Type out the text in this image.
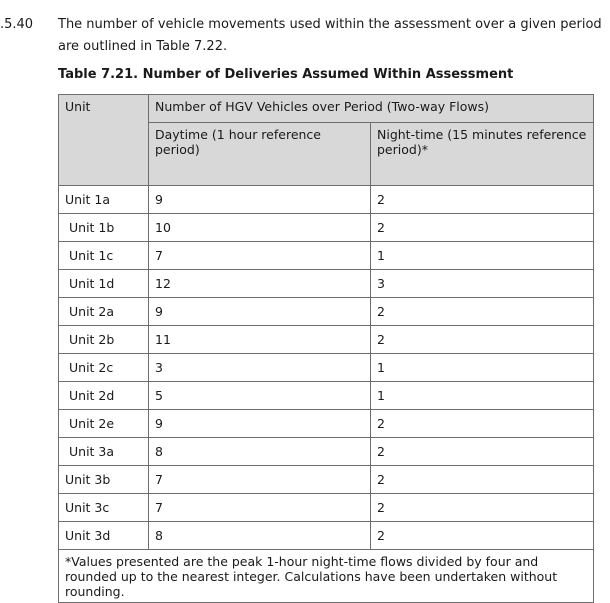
.5.40 The number of vehicle movements used within the assessment over a given period are outlined in Table 7.22.
Table 7.21. Number of Deliveries Assumed Within Assessment
Unit	Number of HGV Vehicles over Period (Two-way Flows)	
	Daytime (1 hour reference period)	Night-time (15 minutes reference period)*
Unit 1a	9	2
Unit 1b	10	2
Unit 1c	7	1
Unit 1d	12	3
Unit 2a	9	2
Unit 2b	11	2
Unit 2c	3	1
Unit 2d	5	1
Unit 2e	9	2
Unit 3a	8	2
Unit 3b	7	2
Unit 3c	7	2
Unit 3d	8	2
*Values presented are the peak 1-hour night-time flows divided by four and rounded up to the nearest integer. Calculations have been undertaken without rounding.		
